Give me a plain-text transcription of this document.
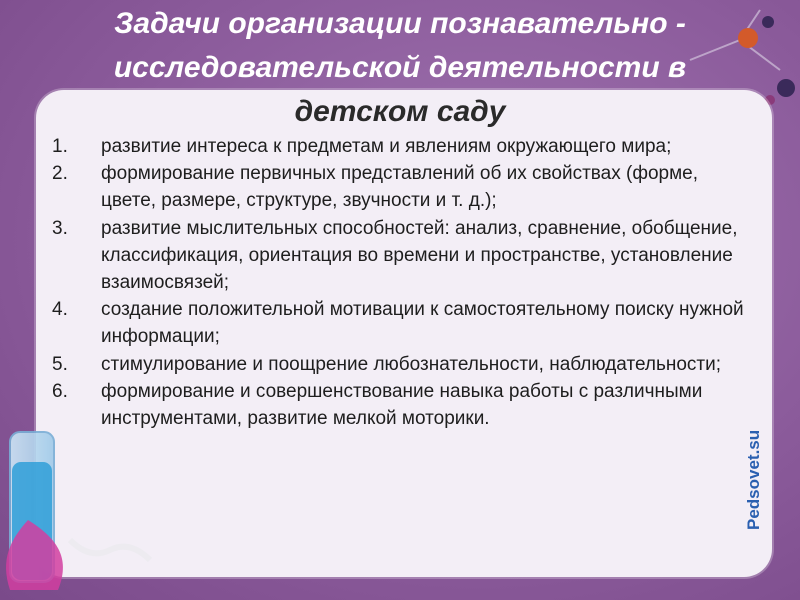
Задачи организации познавательно -
исследовательской деятельности в
детском саду
1. развитие интереса к предметам и явлениям окружающего мира;
2. формирование первичных представлений об их свойствах (форме, цвете, размере, структуре, звучности и т. д.);
3. развитие мыслительных способностей: анализ, сравнение, обобщение, классификация, ориентация во времени и пространстве, установление взаимосвязей;
4. создание положительной мотивации к самостоятельному поиску нужной информации;
5. стимулирование и поощрение любознательности, наблюдательности;
6. формирование и совершенствование навыка работы с различными инструментами, развитие мелкой моторики.
Pedsovet.su
